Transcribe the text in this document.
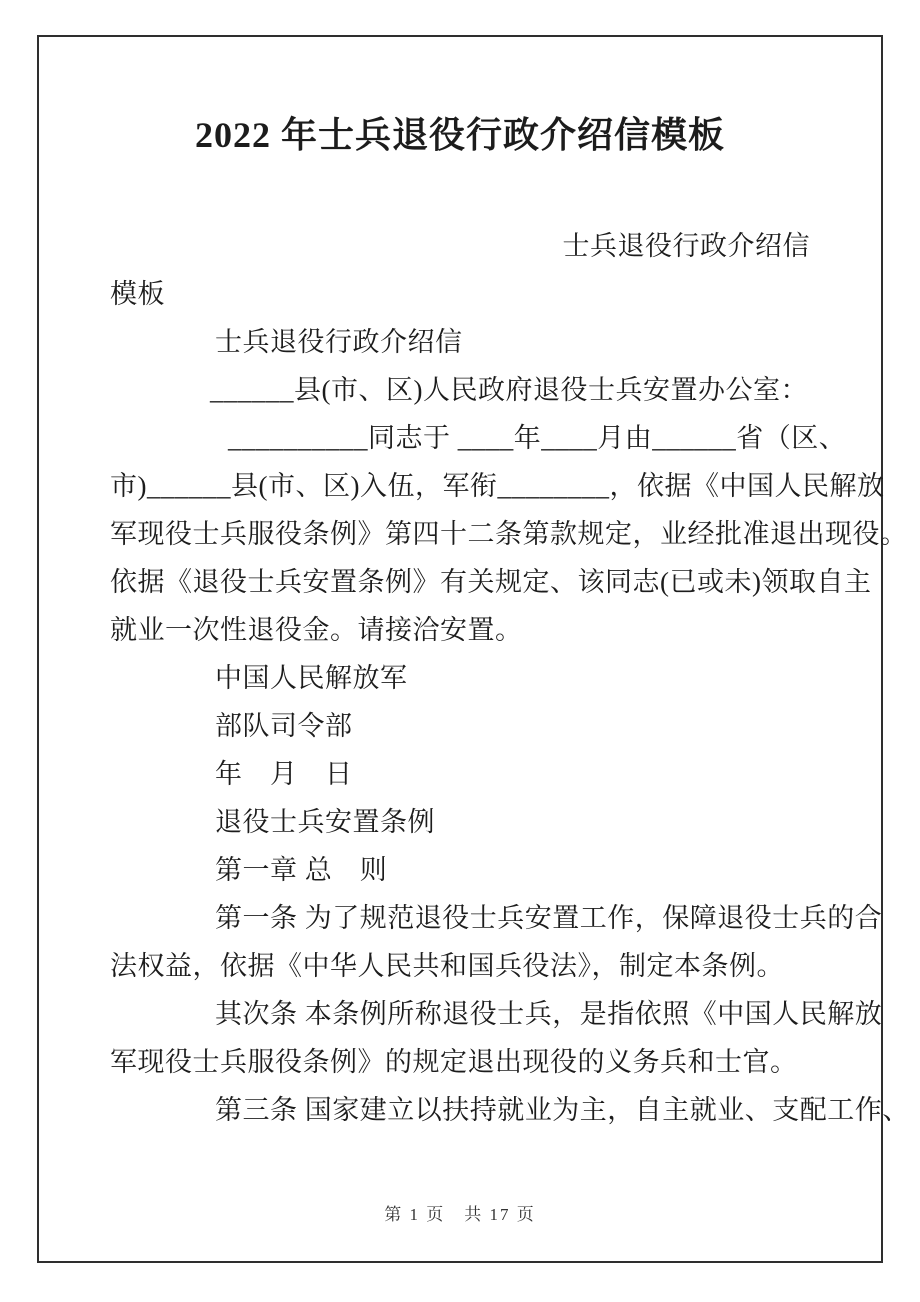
2022 年士兵退役行政介绍信模板
士兵退役行政介绍信
模板
士兵退役行政介绍信
______县(市、区)人民政府退役士兵安置办公室：
__________同志于 ____年____月由______省（区、
市)______县(市、区)入伍，军衔________，依据《中国人民解放
军现役士兵服役条例》第四十二条第款规定，业经批准退出现役。
依据《退役士兵安置条例》有关规定、该同志(已或未)领取自主
就业一次性退役金。请接洽安置。
中国人民解放军
部队司令部
年　月　日
退役士兵安置条例
第一章 总　则
第一条 为了规范退役士兵安置工作，保障退役士兵的合
法权益，依据《中华人民共和国兵役法》，制定本条例。
其次条 本条例所称退役士兵，是指依照《中国人民解放
军现役士兵服役条例》的规定退出现役的义务兵和士官。
第三条 国家建立以扶持就业为主，自主就业、支配工作、
第 1 页　共 17 页
